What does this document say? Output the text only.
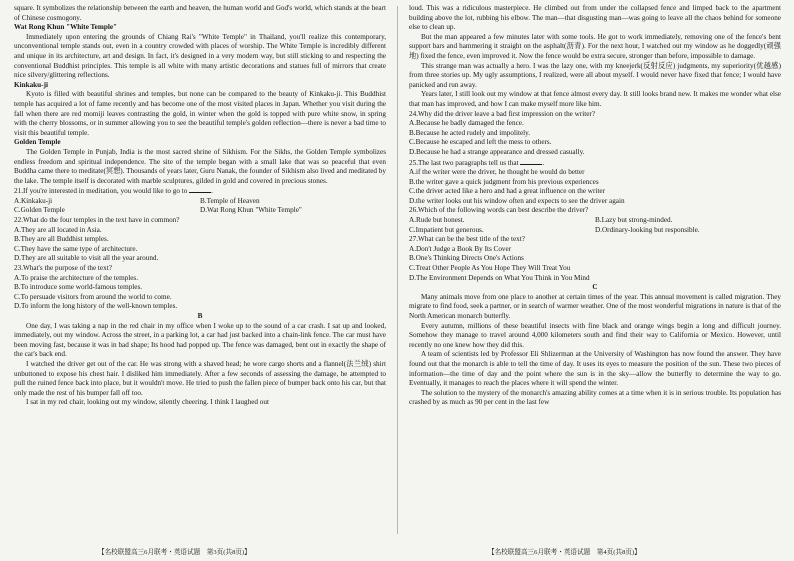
square. It symbolizes the relationship between the earth and heaven, the human world and God's world, which stands at the heart of Chinese cosmogony.

Wat Rong Khun "White Temple"

Immediately upon entering the grounds of Chiang Rai's "White Temple" in Thailand, you'll realize this contemporary, unconventional temple stands out, even in a country crowded with places of worship. The White Temple is incredibly different and unique in its architecture, art and design. In fact, it's designed in a very modern way, but still sticking to and respecting the conventional Buddhist principles. This temple is all white with many artistic decorations and statues full of mirrors that create nice silvery/glittering reflections.

Kinkaku-ji

Kyoto is filled with beautiful shrines and temples, but none can be compared to the beauty of Kinkaku-ji. This Buddhist temple has acquired a lot of fame recently and has become one of the most visited places in Japan. Whether you visit during the fall when there are red momiji leaves contrasting the gold, in winter when the gold is topped with pure white snow, in spring with the cherry blossoms, or in summer allowing you to see the beautiful temple's golden reflection—there is never a bad time to visit this beautiful temple.

Golden Temple

The Golden Temple in Punjab, India is the most sacred shrine of Sikhism. For the Sikhs, the Golden Temple symbolizes endless freedom and spiritual independence. The site of the temple began with a small lake that was so peaceful that even Buddha came there to meditate(冥想). Thousands of years later, Guru Nanak, the founder of Sikhism also lived and meditated by the lake. The temple itself is decorated with marble sculptures, gilded in gold and covered in precious stones.

21.If you're interested in meditation, you would like to go to	.

A.Kinkaku-ji	B.Temple of Heaven
C.Golden Temple	D.Wat Rong Khun "White Temple"

22.What do the four temples in the text have in common?

A.They are all located in Asia.

B.They are all Buddhist temples.

C.They have the same type of architecture.

D.They are all suitable to visit all the year around.

23.What's the purpose of the text?

A.To praise the architecture of the temples.

B.To introduce some world-famous temples.

C.To persuade visitors from around the world to come.

D.To inform the long history of the well-known temples.

B

One day, I was taking a nap in the red chair in my office when I woke up to the sound of a car crash. I sat up and looked, immediately, out my window. Across the street, in a parking lot, a car had just backed into a chain-link fence. The car must have been moving fast, because it was in bad shape; Its hood had popped up. The fence was damaged, bent out in exactly the shape of the car's back end.

I watched the driver get out of the car. He was strong with a shaved head; he wore cargo shorts and a flannel(法兰绒) shirt unbuttoned to expose his chest hair. I disliked him immediately. After a few seconds of assessing the damage, he attempted to pull the ruined fence back into place, but it wouldn't move. He tried to push the fallen piece of bumper back onto his car, but that only made the rest of his bumper fall off too.

I sat in my red chair, looking out my window, silently cheering. I think I laughed out

loud. This was a ridiculous masterpiece. He climbed out from under the collapsed fence and limped back to the apartment building above the lot, rubbing his elbow. The man—that disgusting man—was going to leave all the chaos behind for someone else to clean up.

But the man appeared a few minutes later with some tools. He got to work immediately, removing one of the fence's bent support bars and hammering it straight on the asphalt(沥青). For the next hour, I watched out my window as he doggedly(顽强地) fixed the fence, even improved it. Now the fence would be extra secure, stronger than before, impossible to damage.

This strange man was actually a hero. I was the lazy one, with my kneejerk(反射反应) judgments, my superiority(优越感) from three stories up. My ugly assumptions, I realized, were all about myself. I would never have fixed that fence; I would have panicked and run away.

Years later, I still look out my window at that fence almost every day. It still looks brand new. It makes me wonder what else that man has improved, and how I can make myself more like him.

24.Why did the driver leave a bad first impression on the writer?

A.Because he badly damaged the fence.

B.Because he acted rudely and impolitely.

C.Because he escaped and left the mess to others.

D.Because he had a strange appearance and dressed casually.

25.The last two paragraphs tell us that	.

A.if the writer were the driver, he thought he would do better

B.the writer gave a quick judgment from his previous experiences

C.the driver acted like a hero and had a great influence on the writer

D.the writer looks out his window often and expects to see the driver again

26.Which of the following words can best describe the driver?

A.Rude but honest.	B.Lazy but strong-minded.
C.Impatient but generous.	D.Ordinary-looking but responsible.

27.What can be the best title of the text?

A.Don't Judge a Book By Its Cover

B.One's Thinking Directs One's Actions

C.Treat Other People As You Hope They Will Treat You

D.The Environment Depends on What You Think in You Mind

C

Many animals move from one place to another at certain times of the year. This annual movement is called migration. They migrate to find food, seek a partner, or in search of warmer weather. One of the most wonderful migrations in nature is that of the North American monarch butterfly.

Every autumn, millions of these beautiful insects with fine black and orange wings begin a long and difficult journey. Somehow they manage to travel around 4,000 kilometers south and find their way to California or Mexico. However, until recently no one knew how they did this.

A team of scientists led by Professor Eli Shlizerman at the University of Washington has now found the answer. They have found out that the monarch is able to tell the time of day. It uses its eyes to measure the position of the sun. These two pieces of information—the time of day and the point where the sun is in the sky—allow the butterfly to determine the way to go. Eventually, it manages to reach the places where it will spend the winter.

The solution to the mystery of the monarch's amazing ability comes at a time when it is in serious trouble. Its population has crashed by as much as 90 per cent in the last few

【名校联盟高三6月联考・英语试题　第3页(共8页)】	【名校联盟高三6月联考・英语试题　第4页(共8页)】
